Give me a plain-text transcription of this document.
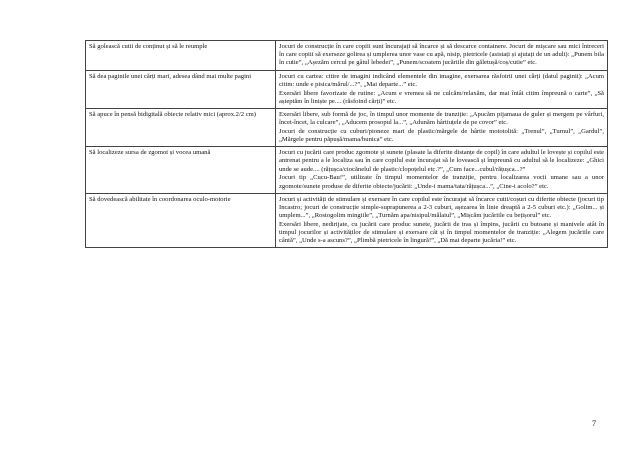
Să golească cutii de conținut și să le reumple	Jocuri de construcție în care copiii sunt încurajați să încarce și să descarce containere. Jocuri de mișcare sau mici întreceri în care copiii să exerseze golirea și umplerea unor vase cu apă, nisip, pietricele (asistați și ajutați de un adult): „Punem bila în cutie”, „Așezăm cercul pe gâtul lebedei”, „Punem/scoatem jucăriile din găletușă/coș/cutie” etc.

Să dea paginile unei cărți mari, adesea dând mai multe pagini	Jocuri cu cartea: citire de imagini indicând elementele din imagine, exersarea răsfoirii unei cărți (datul paginii): „Acum citim: unde e pisica/mărul/...?”, „Mai departe...” etc.

Exersări libere favorizate de rutine: „Acum e vremea să ne culcăm/relaxăm, dar mai întâi citim împreună o carte”, „Să așteptăm în liniște pe.... (răsfoind cărți)” etc.

Să apuce în pensă bidigitală obiecte relativ mici (aprox.2/2 cm)	Exersări libere, sub formă de joc, în timpul unor momente de tranziție: „Apucăm pijamaua de guler și mergem pe vârfuri, încet-încet, la culcare”, „Aducem prosopul la...”, „Adunăm hârtiuțele de pe covor” etc.

Jocuri de construcție cu cuburi/pioneze mari de plastic/mărgele de hârtie mototolită: „Trenul”, „Turnul”, „Gardul”, „Mărgele pentru păpușă/mama/bunica” etc.

Să localizeze sursa de zgomot și vocea umană	Jocuri cu jucării care produc zgomote și sunete (plasate la diferite distanțe de copil) în care adultul le lovește și copilul este antrenat pentru a le localiza sau în care copilul este încurajat să le lovească și împreună cu adultul să le localizeze: „Ghici unde se aude.... (rățușca/ciocănelul de plastic/clopoțelul etc.?”, „Cum face...cubul/rățușca...?”

Jocuri tip „Cucu-Bau!”, utilizate în timpul momentelor de tranziție, pentru localizarea vocii umane sau a unor zgomote/sunete produse de diferite obiecte/jucării: „Unde-i mama/tata/rățușca...”, „Cine-i acolo?” etc.

Să dovedească abilitate în coordonarea oculo-motorie	Jocuri și activități de stimulare și exersare în care copilul este încurajat să încarce cutii/coșuri cu diferite obiecte (jocuri tip Incastro; jocuri de construcție simple-suprapunerea a 2-3 cuburi, așezarea în linie dreaptă a 2-5 cuburi etc.): „Golim... și umplem...”, „Rostogolim mingiile”, „Turnăm apa/nisipul/mălaiul”, „Mișcăm jucăriile cu bețișorul” etc.

Exersări libere, nedirijate, cu jucării care produc sunete, jucării de tras și împins, jucării cu butoane și manivele atât în timpul jocurilor și activităților de stimulare și exersare cât și în timpul momentelor de tranziție: „Alegem jucăriile care cântă”, „Unde s-a ascuns?”, „Plimbă pietricele în lingură!”, „Dă mai departe jucăria!” etc.

7
